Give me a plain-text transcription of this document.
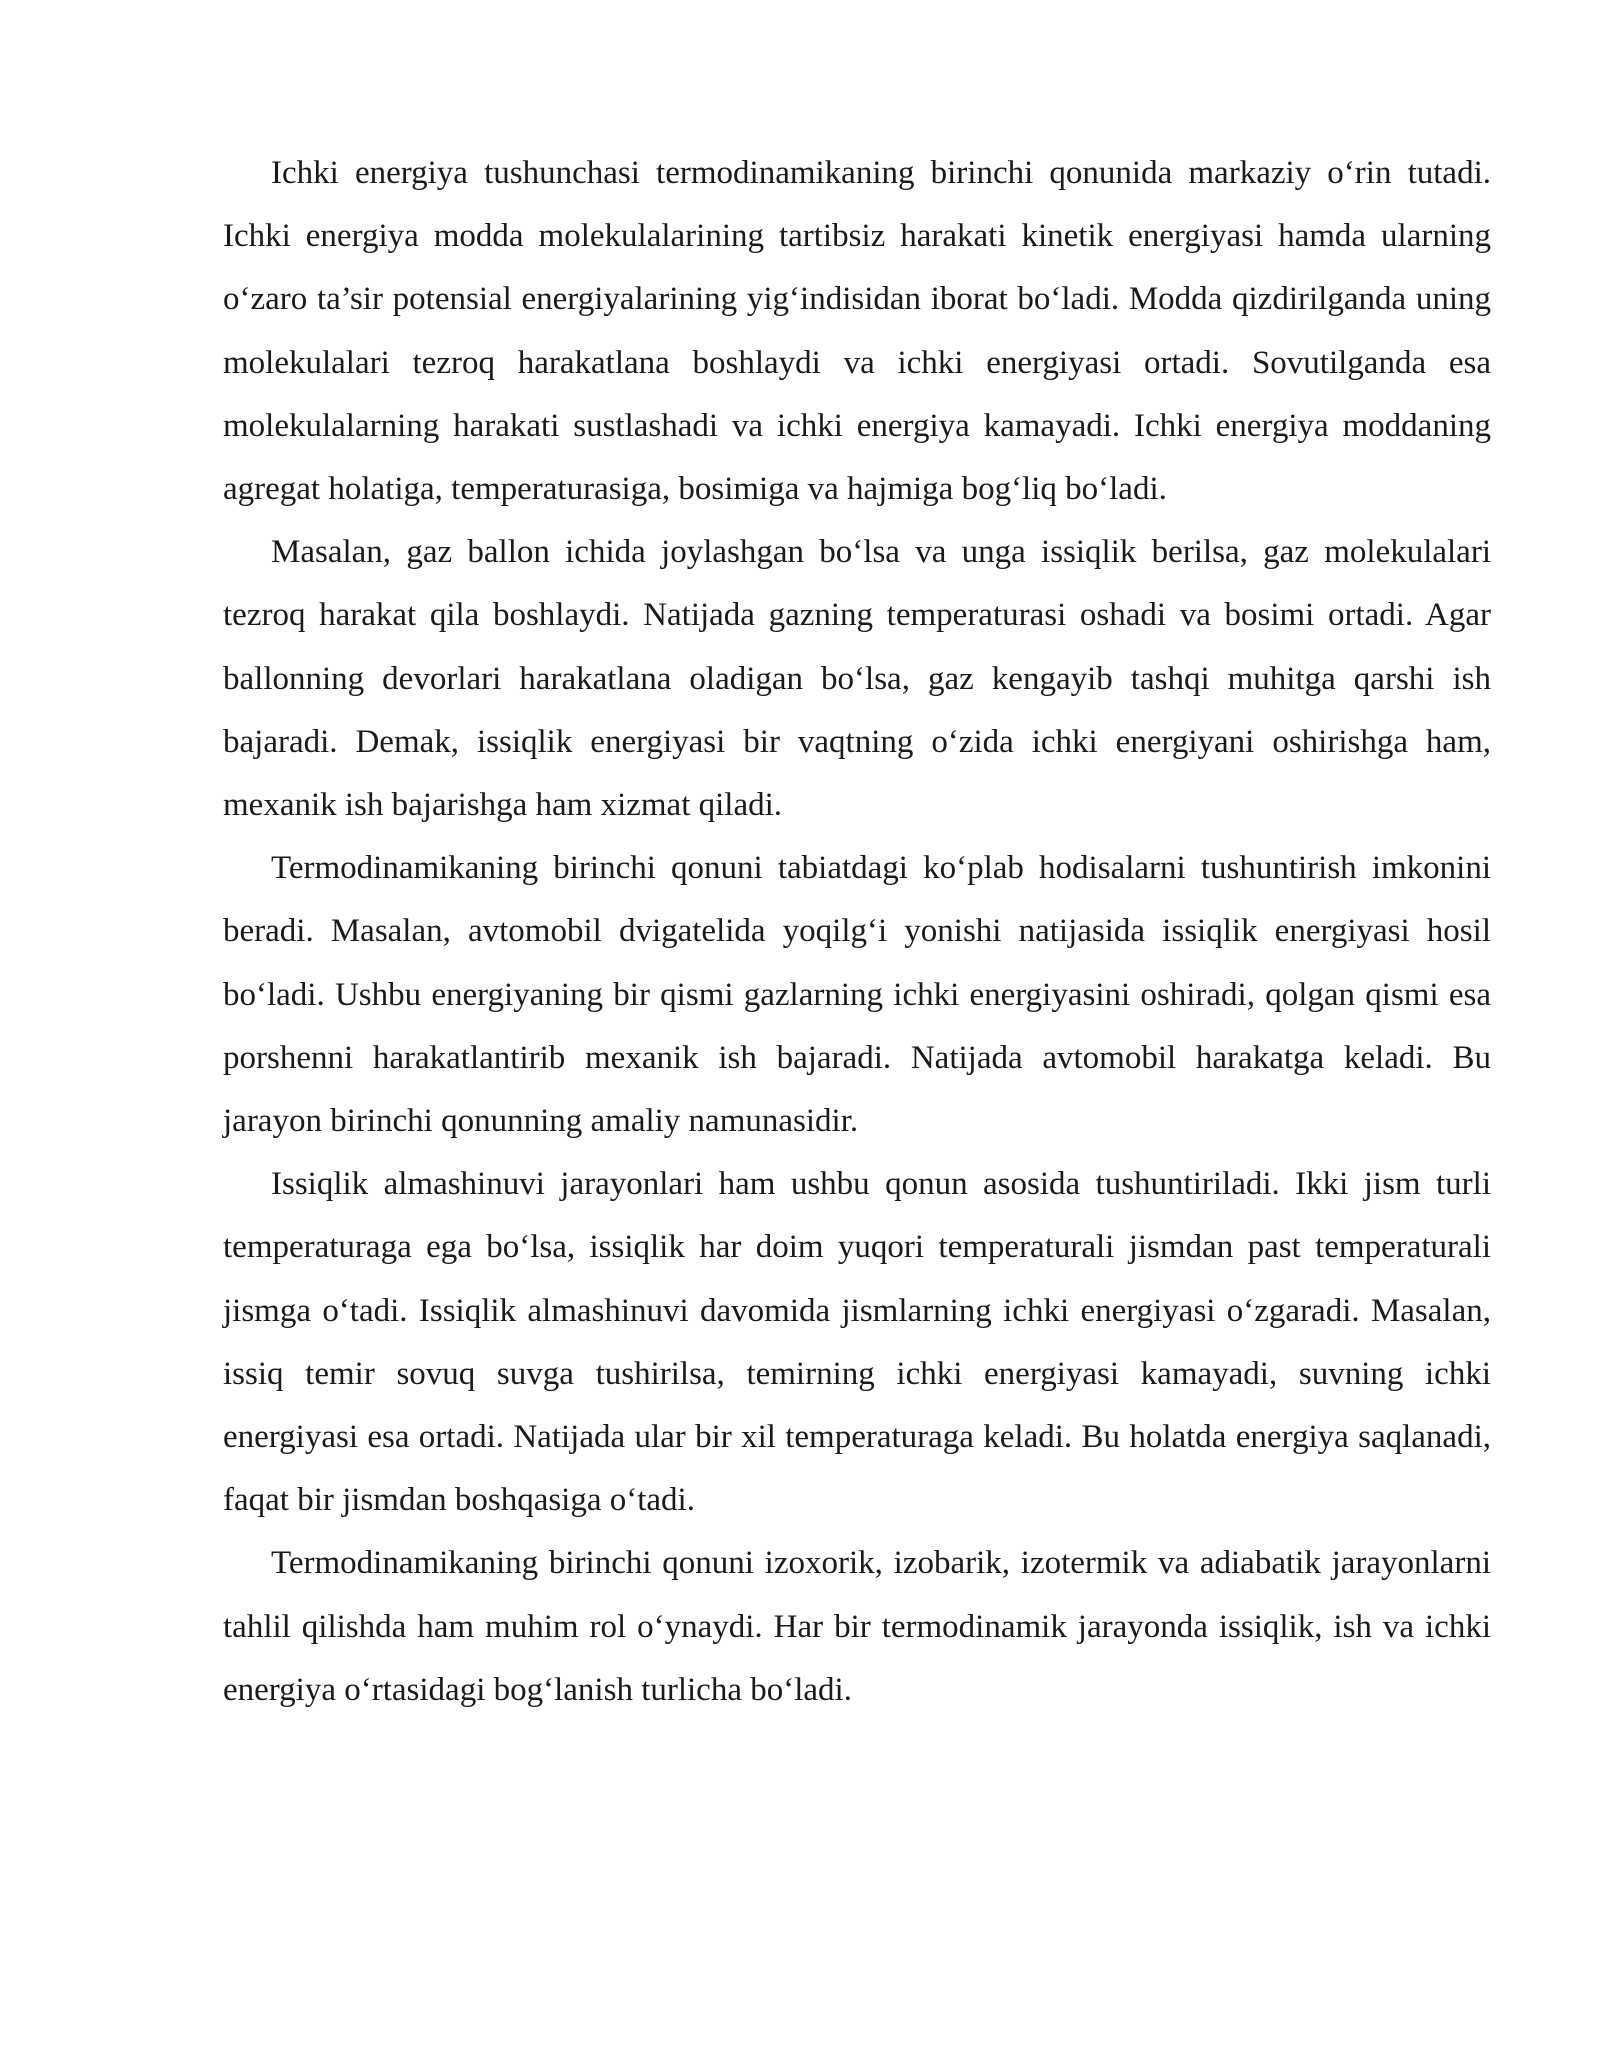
Ichki energiya tushunchasi termodinamikaning birinchi qonunida markaziy o‘rin tutadi. Ichki energiya modda molekulalarining tartibsiz harakati kinetik energiyasi hamda ularning o‘zaro ta’sir potensial energiyalarining yig‘indisidan iborat bo‘ladi. Modda qizdirilganda uning molekulalari tezroq harakatlana boshlaydi va ichki energiyasi ortadi. Sovutilganda esa molekulalarning harakati sustlashadi va ichki energiya kamayadi. Ichki energiya moddaning agregat holatiga, temperaturasiga, bosimiga va hajmiga bog‘liq bo‘ladi.

Masalan, gaz ballon ichida joylashgan bo‘lsa va unga issiqlik berilsa, gaz molekulalari tezroq harakat qila boshlaydi. Natijada gazning temperaturasi oshadi va bosimi ortadi. Agar ballonning devorlari harakatlana oladigan bo‘lsa, gaz kengayib tashqi muhitga qarshi ish bajaradi. Demak, issiqlik energiyasi bir vaqtning o‘zida ichki energiyani oshirishga ham, mexanik ish bajarishga ham xizmat qiladi.

Termodinamikaning birinchi qonuni tabiatdagi ko‘plab hodisalarni tushuntirish imkonini beradi. Masalan, avtomobil dvigatelida yoqilg‘i yonishi natijasida issiqlik energiyasi hosil bo‘ladi. Ushbu energiyaning bir qismi gazlarning ichki energiyasini oshiradi, qolgan qismi esa porshenni harakatlantirib mexanik ish bajaradi. Natijada avtomobil harakatga keladi. Bu jarayon birinchi qonunning amaliy namunasidir.

Issiqlik almashinuvi jarayonlari ham ushbu qonun asosida tushuntiriladi. Ikki jism turli temperaturaga ega bo‘lsa, issiqlik har doim yuqori temperaturali jismdan past temperaturali jismga o‘tadi. Issiqlik almashinuvi davomida jismlarning ichki energiyasi o‘zgaradi. Masalan, issiq temir sovuq suvga tushirilsa, temirning ichki energiyasi kamayadi, suvning ichki energiyasi esa ortadi. Natijada ular bir xil temperaturaga keladi. Bu holatda energiya saqlanadi, faqat bir jismdan boshqasiga o‘tadi.

Termodinamikaning birinchi qonuni izoxorik, izobarik, izotermik va adiabatik jarayonlarni tahlil qilishda ham muhim rol o‘ynaydi. Har bir termodinamik jarayonda issiqlik, ish va ichki energiya o‘rtasidagi bog‘lanish turlicha bo‘ladi.
